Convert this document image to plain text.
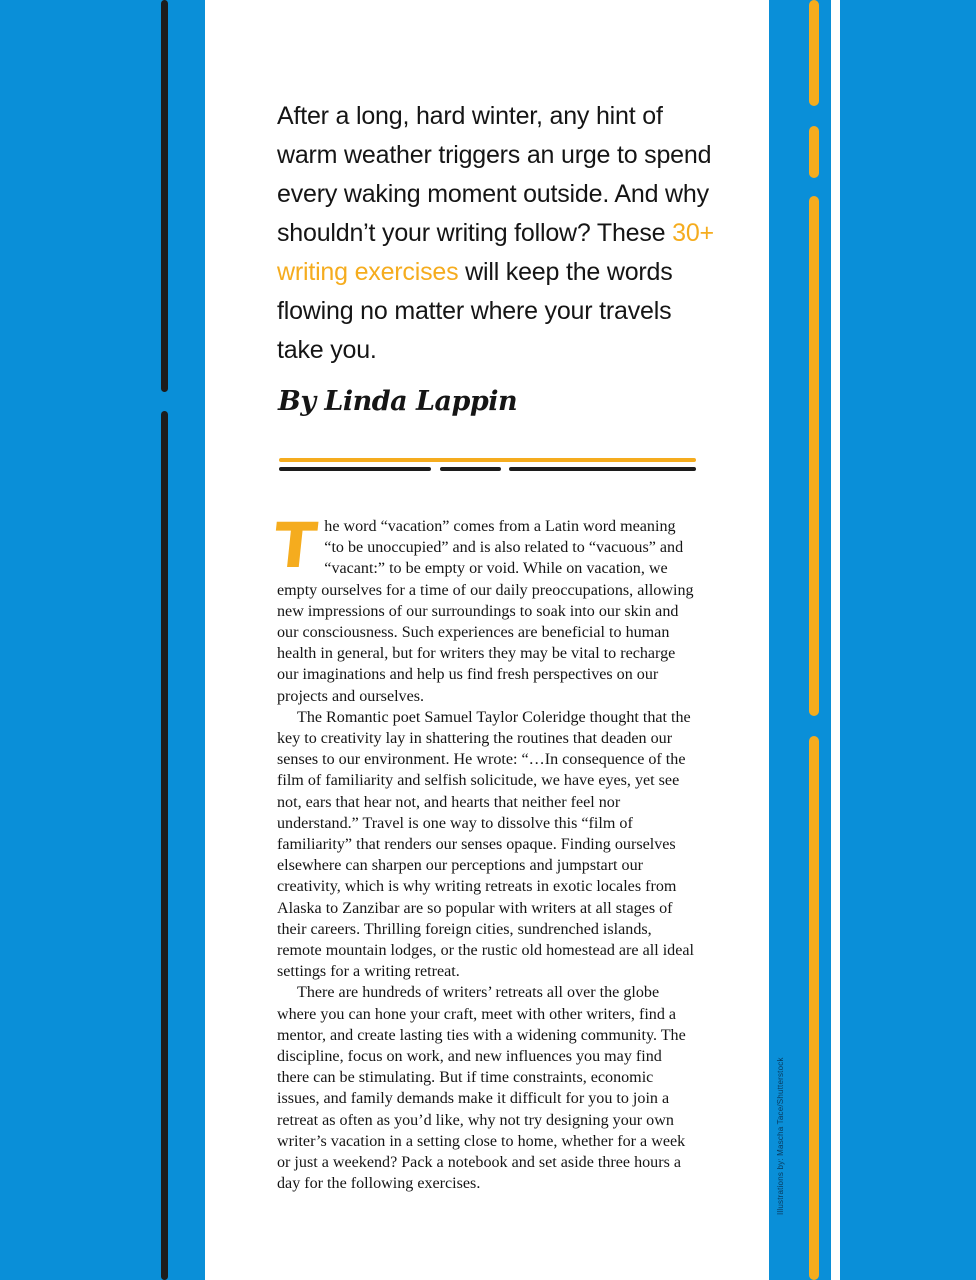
Illustrations by: Mascha Tace/Shutterstock
After a long, hard winter, any hint of warm weather triggers an urge to spend every waking moment outside. And why shouldn’t your writing follow? These 30+ writing exercises will keep the words flowing no matter where your travels take you.
By Linda Lappin

The word “vacation” comes from a Latin word meaning “to be unoccupied” and is also related to “vacuous” and “vacant:” to be empty or void. While on vacation, we empty ourselves for a time of our daily preoccupations, allowing new impressions of our surroundings to soak into our skin and our consciousness. Such experiences are beneficial to human health in general, but for writers they may be vital to recharge our imaginations and help us find fresh perspectives on our projects and ourselves.

The Romantic poet Samuel Taylor Coleridge thought that the key to creativity lay in shattering the routines that deaden our senses to our environment. He wrote: “…In consequence of the film of familiarity and selfish solicitude, we have eyes, yet see not, ears that hear not, and hearts that neither feel nor understand.” Travel is one way to dissolve this “film of familiarity” that renders our senses opaque. Finding ourselves elsewhere can sharpen our perceptions and jumpstart our creativity, which is why writing retreats in exotic locales from Alaska to Zanzibar are so popular with writers at all stages of their careers. Thrilling foreign cities, sundrenched islands, remote mountain lodges, or the rustic old homestead are all ideal settings for a writing retreat.

There are hundreds of writers’ retreats all over the globe where you can hone your craft, meet with other writers, find a mentor, and create lasting ties with a widening community. The discipline, focus on work, and new influences you may find there can be stimulating. But if time constraints, economic issues, and family demands make it difficult for you to join a retreat as often as you’d like, why not try designing your own writer’s vacation in a setting close to home, whether for a week or just a weekend? Pack a notebook and set aside three hours a day for the following exercises.
